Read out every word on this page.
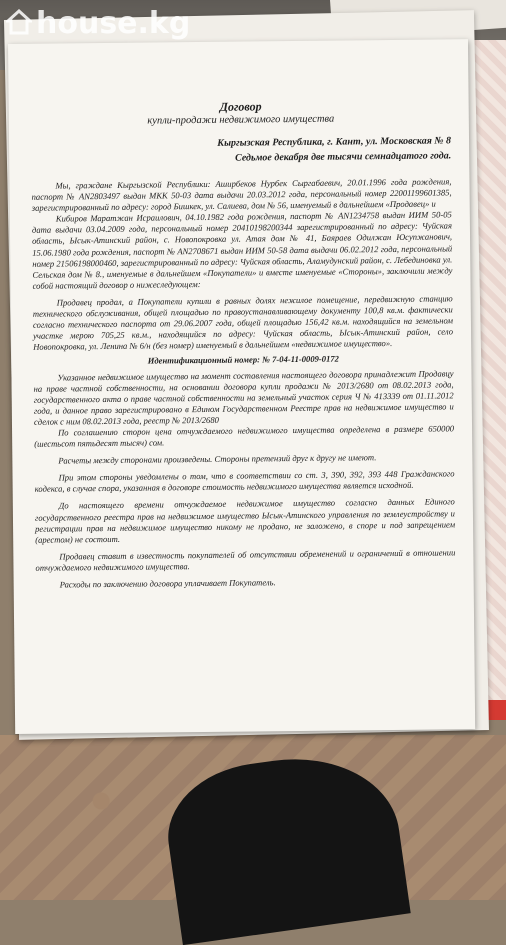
Договор
купли-продажи недвижимого имущества
Кыргызская Республика, г. Кант, ул. Московская № 8
Седьмое декабря две тысячи семнадцатого года.

Мы, граждане Кыргызской Республики: Аширбеков Нурбек Сыргабаевич, 20.01.1996 года рождения, паспорт № AN2803497 выдан МКК 50-03 дата выдачи 20.03.2012 года, персональный номер 22001199601385, зарегистрированный по адресу: город Бишкек, ул. Салиева, дом № 56, именуемый в дальнейшем «Продавец» и

Кибиров Маратжан Исраилович, 04.10.1982 года рождения, паспорт № AN1234758 выдан ИИМ 50-05 дата выдачи 03.04.2009 года, персональный номер 20410198200344 зарегистрированный по адресу: Чуйская область, Ысык-Атинский район, с. Новопокровка ул. Атая дом № 41, Баяраев Одилжан Юсупжанович, 15.06.1980 года рождения, паспорт № AN2708671 выдан ИИМ 50-58 дата выдачи 06.02.2012 года, персональный номер 21506198000460, зарегистрированный по адресу: Чуйская область, Аламудунский район, с. Лебединовка ул. Сельская дом № 8., именуемые в дальнейшем «Покупатели» и вместе именуемые «Стороны», заключили между собой настоящий договор о нижеследующем:

Продавец продал, а Покупатели купили в равных долях нежилое помещение, передвижную станцию технического обслуживания, общей площадью по правоустанавливающему документу 100,8 кв.м. фактически согласно технического паспорта от 29.06.2007 года, общей площадью 156,42 кв.м. находящийся на земельном участке мерою 705,25 кв.м., находящийся по адресу: Чуйская область, Ысык-Атинский район, село Новопокровка, ул. Ленина № 6/н (без номер) именуемый в дальнейшем «недвижимое имущество».

Идентификационный номер: № 7-04-11-0009-0172

Указанное недвижимое имущество на момент составления настоящего договора принадлежит Продавцу на праве частной собственности, на основании договора купли продажи № 2013/2680 от 08.02.2013 года, государственного акта о праве частной собственности на земельный участок серия Ч № 413339 от 01.11.2012 года, и данное право зарегистрировано в Едином Государственном Реестре прав на недвижимое имущество и сделок с ним 08.02.2013 года, реестр № 2013/2680

По соглашению сторон цена отчуждаемого недвижимого имущества определена в размере 650000 (шестьсот пятьдесят тысяч) сом.

Расчеты между сторонами произведены. Стороны претензий друг к другу не имеют.

При этом стороны уведомлены о том, что в соответствии со ст. 3, 390, 392, 393 448 Гражданского кодекса, в случае спора, указанная в договоре стоимость недвижимого имущества является исходной.

До настоящего времени отчуждаемое недвижимое имущество согласно данных Единого государственного реестра прав на недвижимое имущество Ысык-Атинского управления по землеустройству и регистрации прав на недвижимое имущество никому не продано, не заложено, в споре и под запрещением (арестом) не состоит.

Продавец ставит в известность покупателей об отсутствии обременений и ограничений в отношении отчуждаемого недвижимого имущества.

Расходы по заключению договора уплачивает Покупатель.

house.kg
